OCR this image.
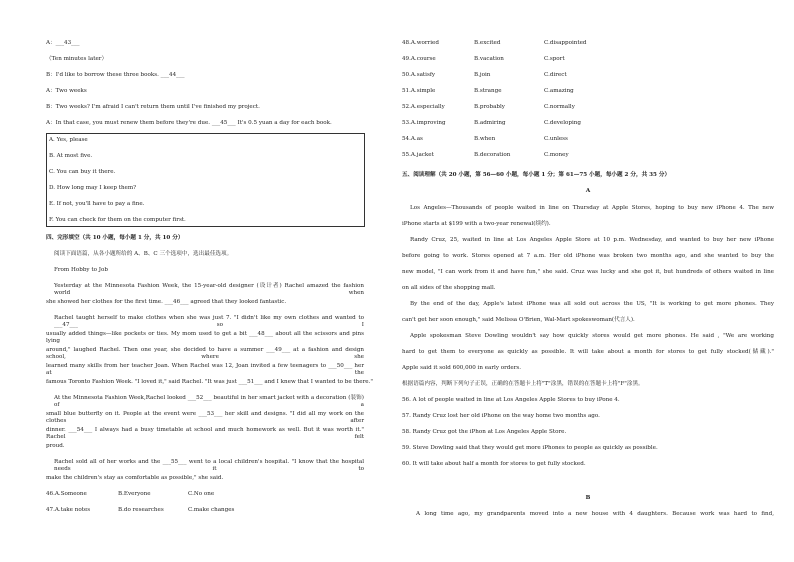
A：___43___
（Ten minutes later）
B：I'd like to borrow these three books. ___44___
A：Two weeks
B：Two weeks? I'm afraid I can't return them until I've finished my project.
A：In that case, you must renew them before they're due. ___45___ It's 0.5 yuan a day for each book.
A. Yes, please
B. At most five.
C. You can buy it there.
D. How long may I keep them?
E. If not, you'll have to pay a fine.
F. You can check for them on the computer first.
四、完形填空（共 10 小题，每小题 1 分，共 10 分）
阅读下面语篇，从各小题所给的 A、B、C 三个选项中，选出最佳选项。
From Hobby to Job
Yesterday at the Minnesota Fashion Week, the 15-year-old designer (设计者) Rachel amazed the fashion world when
she showed her clothes for the first time. ___46___ agreed that they looked fantastic.
Rachel taught herself to make clothes when she was just 7. "I didn't like my own clothes and wanted to ___47___ so I
usually added things—like pockets or ties. My mom used to get a bit ___48___ about all the scissors and pins lying
around," laughed Rachel. Then one year, she decided to have a summer ___49___ at a fashion and design school, where she
learned many skills from her teacher Joan. When Rachel was 12, Joan invited a few teenagers to ___50___ her at the
famous Toronto Fashion Week. "I loved it," said Rachel. "It was just ___51___ and I knew that I wanted to be there."
At the Minnesota Fashion Week,Rachel looked ___52___ beautiful in her smart jacket with a decoration (装饰) of a
small blue butterfly on it. People at the event were ___53___ her skill and designs. "I did all my work on the clothes after
dinner. ___54___ I always had a busy timetable at school and much homework as well. But it was worth it." Rachel felt
proud.
Rachel sold all of her works and the ___55___ went to a local children's hospital. "I know that the hospital needs it to
make the children's stay as comfortable as possible," she said.
46.A.Someone	B.Everyone	C.No one
47.A.take notes	B.do researches	C.make changes
48.A.worried	B.excited	C.disappointed
49.A.course	B.vacation	C.sport
50.A.satisfy	B.join	C.direct
51.A.simple	B.strange	C.amazing
52.A.especially	B.probably	C.normally
53.A.improving	B.admiring	C.developing
54.A.as	B.when	C.unless
55.A.jacket	B.decoration	C.money
五、阅读理解（共 20 小题，第 56—60 小题，每小题 1 分；第 61—75 小题，每小题 2 分，共 35 分）
A
Los Angeles—Thousands of people waited in line on Thursday at Apple Stores, hoping to buy new iPhone 4. The new
iPhone starts at $199 with a two-year renewal(续约).
Randy Cruz, 25, waited in line at Los Angeles Apple Store at 10 p.m. Wednesday, and wanted to buy her new iPhone
before going to work. Stores opened at 7 a.m. Her old iPhone was broken two months ago, and she wanted to buy the
new model, "I can work from it and have fun," she said. Cruz was lucky and she got it, but hundreds of others waited in line
on all sides of the shopping mall.
By the end of the day, Apple's latest iPhone was all sold out across the US, "It is working to get more phones. They
can't get her soon enough," said Melissa O'Brien, Wal-Mart spokeswoman(代言人).
Apple spokesman Steve Dowling wouldn't say how quickly stores would get more phones. He said , "We are working
hard to get them to everyone as quickly as possible. It will take about a month for stores to get fully stocked(储藏)."
Apple said it sold 600,000 in early orders.
根据语篇内容，判断下列句子正误，正确的在答题卡上将"T"涂黑，错误的在答题卡上将"F"涂黑。
56. A lot of people waited in line at Los Angeles Apple Stores to buy iPone 4.
57. Randy Cruz lost her old iPhone on the way home two months ago.
58. Randy Cruz got the iPhon at Los Angeles Apple Store.
59. Steve Dowling said that they would get more iPhones to people as quickly as possible.
60. It will take about half a month for stores to get fully stocked.
B
A long time ago, my grandparents moved into a new house with 4 daughters. Because work was hard to find,
